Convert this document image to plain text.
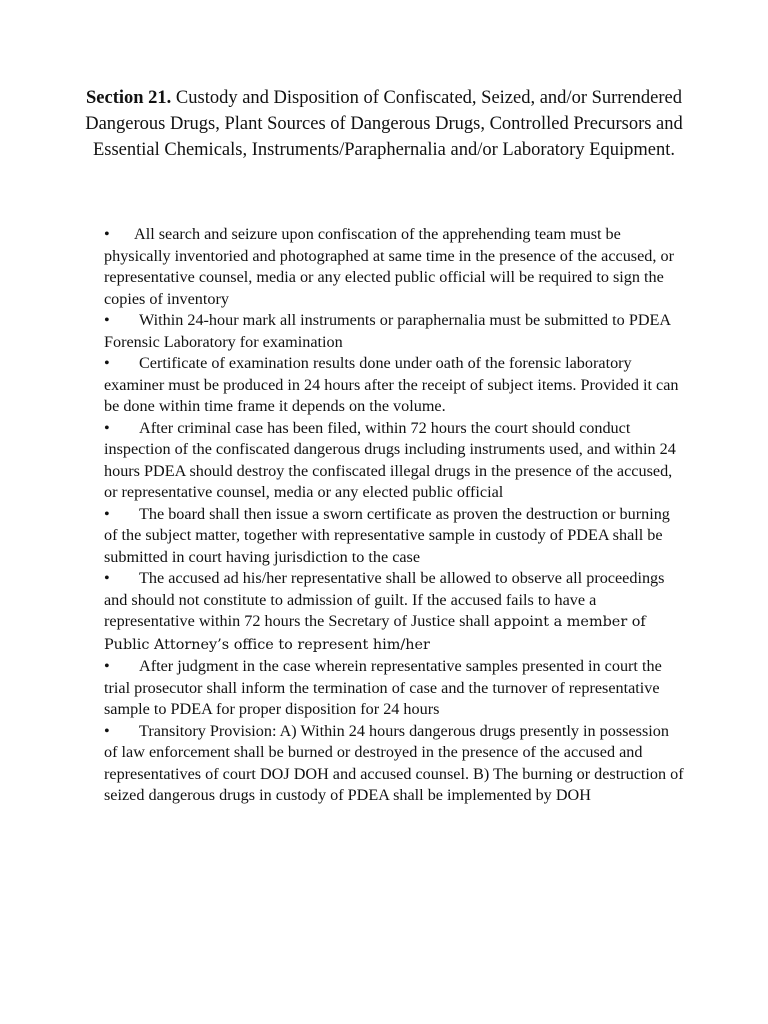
Section 21. Custody and Disposition of Confiscated, Seized, and/or Surrendered Dangerous Drugs, Plant Sources of Dangerous Drugs, Controlled Precursors and Essential Chemicals, Instruments/Paraphernalia and/or Laboratory Equipment.

• All search and seizure upon confiscation of the apprehending team must be physically inventoried and photographed at same time in the presence of the accused, or representative counsel, media or any elected public official will be required to sign the copies of inventory

• Within 24-hour mark all instruments or paraphernalia must be submitted to PDEA Forensic Laboratory for examination

• Certificate of examination results done under oath of the forensic laboratory examiner must be produced in 24 hours after the receipt of subject items. Provided it can be done within time frame it depends on the volume.

• After criminal case has been filed, within 72 hours the court should conduct inspection of the confiscated dangerous drugs including instruments used, and within 24 hours PDEA should destroy the confiscated illegal drugs in the presence of the accused, or representative counsel, media or any elected public official

• The board shall then issue a sworn certificate as proven the destruction or burning of the subject matter, together with representative sample in custody of PDEA shall be submitted in court having jurisdiction to the case

• The accused ad his/her representative shall be allowed to observe all proceedings and should not constitute to admission of guilt. If the accused fails to have a representative within 72 hours the Secretary of Justice shall appoint a member of Public Attorney’s office to represent him/her

• After judgment in the case wherein representative samples presented in court the trial prosecutor shall inform the termination of case and the turnover of representative sample to PDEA for proper disposition for 24 hours

• Transitory Provision: A) Within 24 hours dangerous drugs presently in possession of law enforcement shall be burned or destroyed in the presence of the accused and representatives of court DOJ DOH and accused counsel. B) The burning or destruction of seized dangerous drugs in custody of PDEA shall be implemented by DOH
